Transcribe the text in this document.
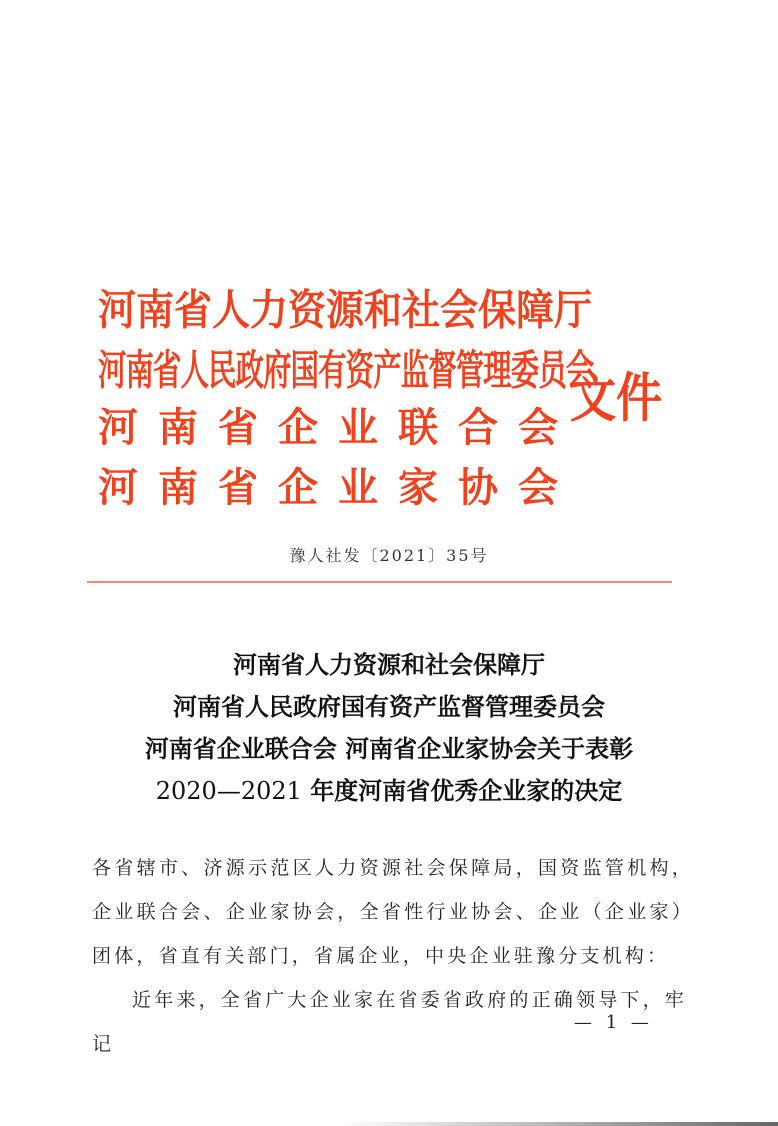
河南省人力资源和社会保障厅
河南省人民政府国有资产监督管理委员会
河南省企业联合会
河南省企业家协会
文件
豫人社发〔2021〕35号
河南省人力资源和社会保障厅
河南省人民政府国有资产监督管理委员会
河南省企业联合会 河南省企业家协会关于表彰
2020—2021 年度河南省优秀企业家的决定
各省辖市、济源示范区人力资源社会保障局，国资监管机构，企业联合会、企业家协会，全省性行业协会、企业（企业家）团体，省直有关部门，省属企业，中央企业驻豫分支机构：
近年来，全省广大企业家在省委省政府的正确领导下，牢记
— 1 —
